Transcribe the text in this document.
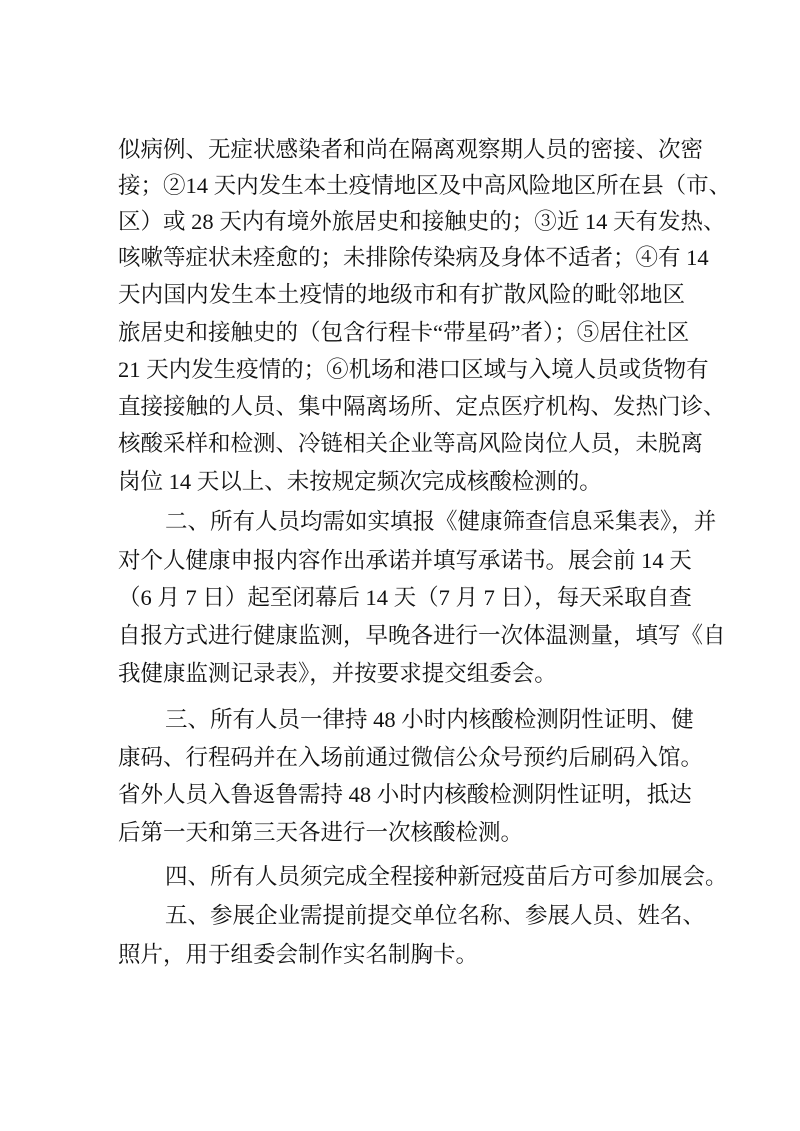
似病例、无症状感染者和尚在隔离观察期人员的密接、次密
接；②14 天内发生本土疫情地区及中高风险地区所在县（市、
区）或 28 天内有境外旅居史和接触史的；③近 14 天有发热、
咳嗽等症状未痊愈的；未排除传染病及身体不适者；④有 14
天内国内发生本土疫情的地级市和有扩散风险的毗邻地区
旅居史和接触史的（包含行程卡“带星码”者）；⑤居住社区
21 天内发生疫情的；⑥机场和港口区域与入境人员或货物有
直接接触的人员、集中隔离场所、定点医疗机构、发热门诊、
核酸采样和检测、冷链相关企业等高风险岗位人员，未脱离
岗位 14 天以上、未按规定频次完成核酸检测的。
二、所有人员均需如实填报《健康筛查信息采集表》，并
对个人健康申报内容作出承诺并填写承诺书。展会前 14 天
（6 月 7 日）起至闭幕后 14 天（7 月 7 日），每天采取自查
自报方式进行健康监测，早晚各进行一次体温测量，填写《自
我健康监测记录表》，并按要求提交组委会。
三、所有人员一律持 48 小时内核酸检测阴性证明、健
康码、行程码并在入场前通过微信公众号预约后刷码入馆。
省外人员入鲁返鲁需持 48 小时内核酸检测阴性证明，抵达
后第一天和第三天各进行一次核酸检测。
四、所有人员须完成全程接种新冠疫苗后方可参加展会。
五、参展企业需提前提交单位名称、参展人员、姓名、
照片，用于组委会制作实名制胸卡。
